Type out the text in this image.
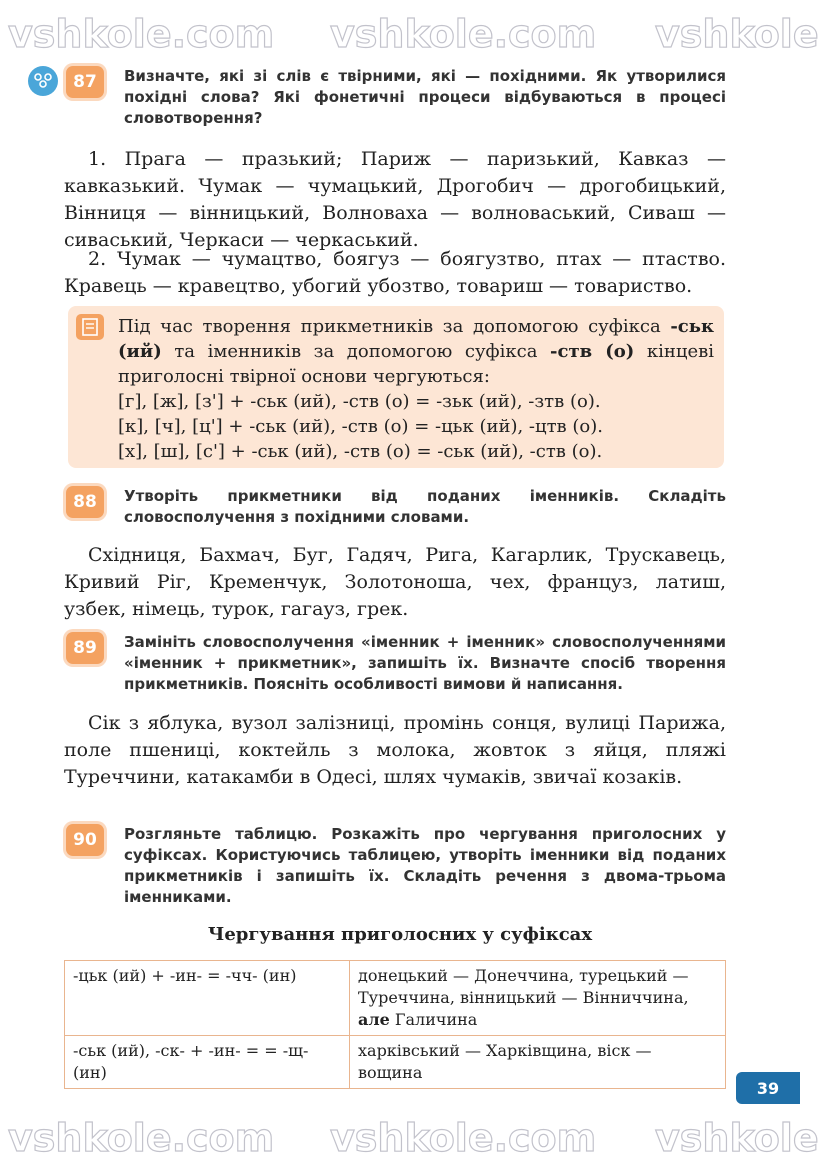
87	Визначте, які зі слів є твірними, які — похідними. Як утворилися похідні слова? Які фонетичні процеси відбуваються в процесі словотворення?
1. Прага — празький; Париж — паризький, Кавказ — кавказький. Чумак — чумацький, Дрогобич — дрогобицький, Вінниця — вінницький, Волноваха — волноваський, Сиваш — сиваський, Черкаси — черкаський.
2. Чумак — чумацтво, боягуз — боягузтво, птах — птаство. Кравець — кравецтво, убогий убозтво, товариш — товариство.
Під час творення прикметників за допомогою суфікса -ськ (ий) та іменників за допомогою суфікса -ств (о) кінцеві приголосні твірної основи чергуються:
[г], [ж], [з'] + -ськ (ий), -ств (о) = -зьк (ий), -зтв (о).
[к], [ч], [ц'] + -ськ (ий), -ств (о) = -цьк (ий), -цтв (о).
[х], [ш], [с'] + -ськ (ий), -ств (о) = -ськ (ий), -ств (о).
88	Утворіть прикметники від поданих іменників. Складіть словосполучення з похідними словами.
Східниця, Бахмач, Буг, Гадяч, Рига, Кагарлик, Трускавець, Кривий Ріг, Кременчук, Золотоноша, чех, француз, латиш, узбек, німець, турок, гагауз, грек.
89	Замініть словосполучення «іменник + іменник» словосполученнями «іменник + прикметник», запишіть їх. Визначте спосіб творення прикметників. Поясніть особливості вимови й написання.
Сік з яблука, вузол залізниці, промінь сонця, вулиці Парижа, поле пшениці, коктейль з молока, жовток з яйця, пляжі Туреччини, катакамби в Одесі, шлях чумаків, звичаї козаків.
90	Розгляньте таблицю. Розкажіть про чергування приголосних у суфіксах. Користуючись таблицею, утворіть іменники від поданих прикметників і запишіть їх. Складіть речення з двома-трьома іменниками.
Чергування приголосних у суфіксах
-цьк (ий) + -ин- = -чч- (ин)	донецький — Донеччина, турецький — Туреччина, вінницький — Вінниччина, але Галичина
-ськ (ий), -ск- + -ин- = = -щ- (ин)	харківський — Харківщина, віск — вощина
39
vshkole.com vshkole.com vshkole
vshkole.com
vshkole.com	vshkole
